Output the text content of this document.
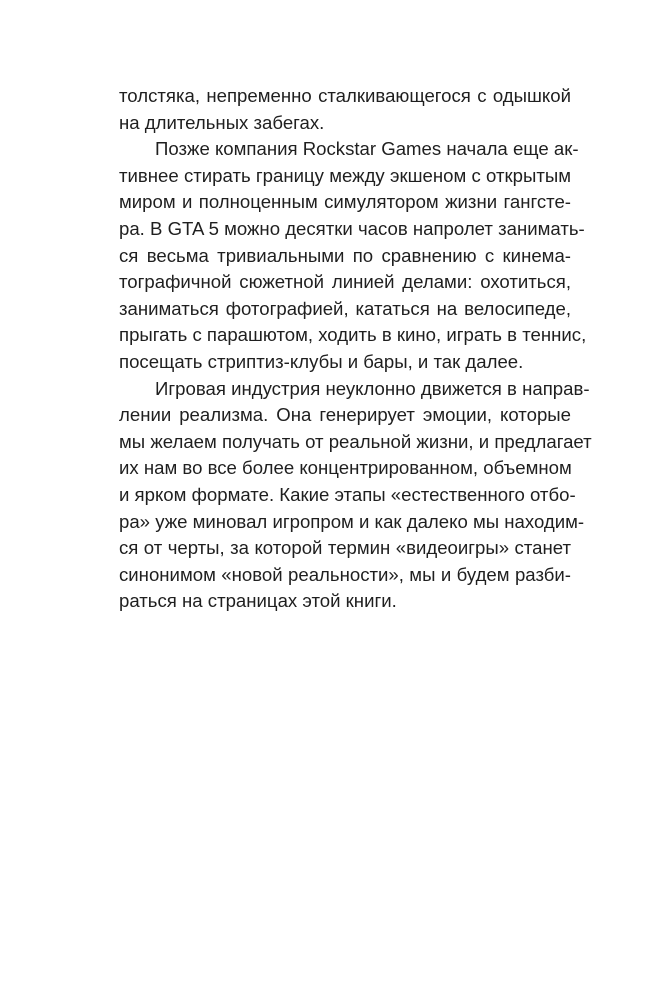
толстяка, непременно сталкивающегося с одышкой
на длительных забегах.
Позже компания Rockstar Games начала еще ак-
тивнее стирать границу между экшеном с открытым
миром и полноценным симулятором жизни гангсте-
ра. В GTA 5 можно десятки часов напролет занимать-
ся весьма тривиальными по сравнению с кинема-
тографичной сюжетной линией делами: охотиться,
заниматься фотографией, кататься на велосипеде,
прыгать с парашютом, ходить в кино, играть в теннис,
посещать стриптиз-клубы и бары, и так далее.
Игровая индустрия неуклонно движется в направ-
лении реализма. Она генерирует эмоции, которые
мы желаем получать от реальной жизни, и предлагает
их нам во все более концентрированном, объемном
и ярком формате. Какие этапы «естественного отбо-
ра» уже миновал игропром и как далеко мы находим-
ся от черты, за которой термин «видеоигры» станет
синонимом «новой реальности», мы и будем разби-
раться на страницах этой книги.
